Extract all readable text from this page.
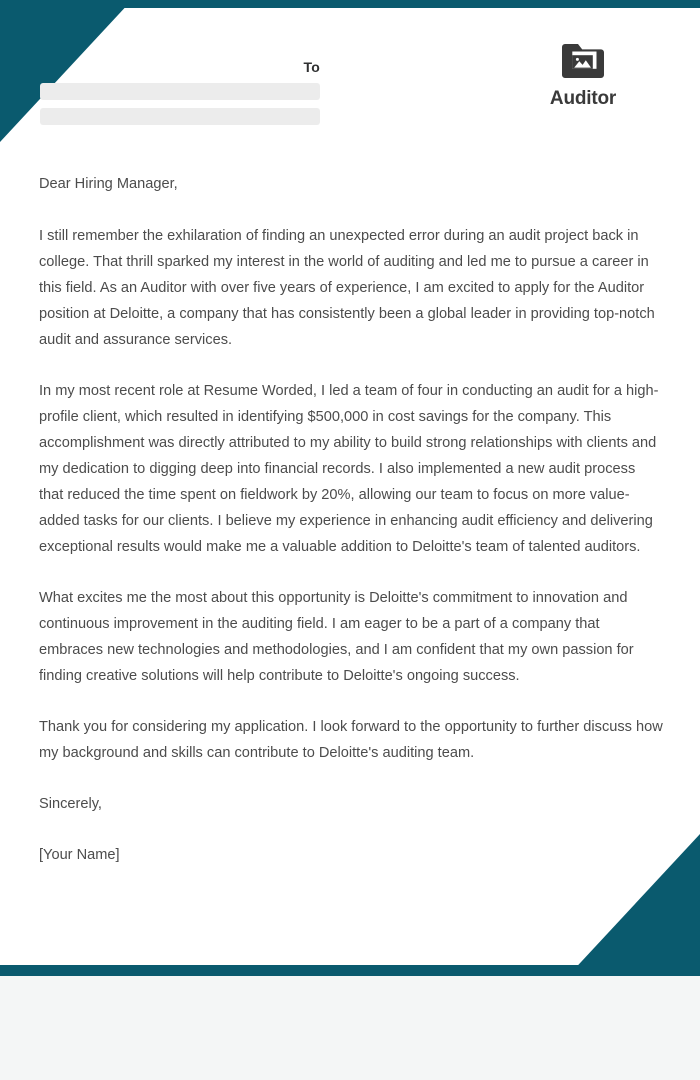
To
Auditor

Dear Hiring Manager,

I still remember the exhilaration of finding an unexpected error during an audit project back in college. That thrill sparked my interest in the world of auditing and led me to pursue a career in this field. As an Auditor with over five years of experience, I am excited to apply for the Auditor position at Deloitte, a company that has consistently been a global leader in providing top-notch audit and assurance services.

In my most recent role at Resume Worded, I led a team of four in conducting an audit for a high-profile client, which resulted in identifying $500,000 in cost savings for the company. This accomplishment was directly attributed to my ability to build strong relationships with clients and my dedication to digging deep into financial records. I also implemented a new audit process that reduced the time spent on fieldwork by 20%, allowing our team to focus on more value-added tasks for our clients. I believe my experience in enhancing audit efficiency and delivering exceptional results would make me a valuable addition to Deloitte's team of talented auditors.

What excites me the most about this opportunity is Deloitte's commitment to innovation and continuous improvement in the auditing field. I am eager to be a part of a company that embraces new technologies and methodologies, and I am confident that my own passion for finding creative solutions will help contribute to Deloitte's ongoing success.

Thank you for considering my application. I look forward to the opportunity to further discuss how my background and skills can contribute to Deloitte's auditing team.

Sincerely,

[Your Name]
